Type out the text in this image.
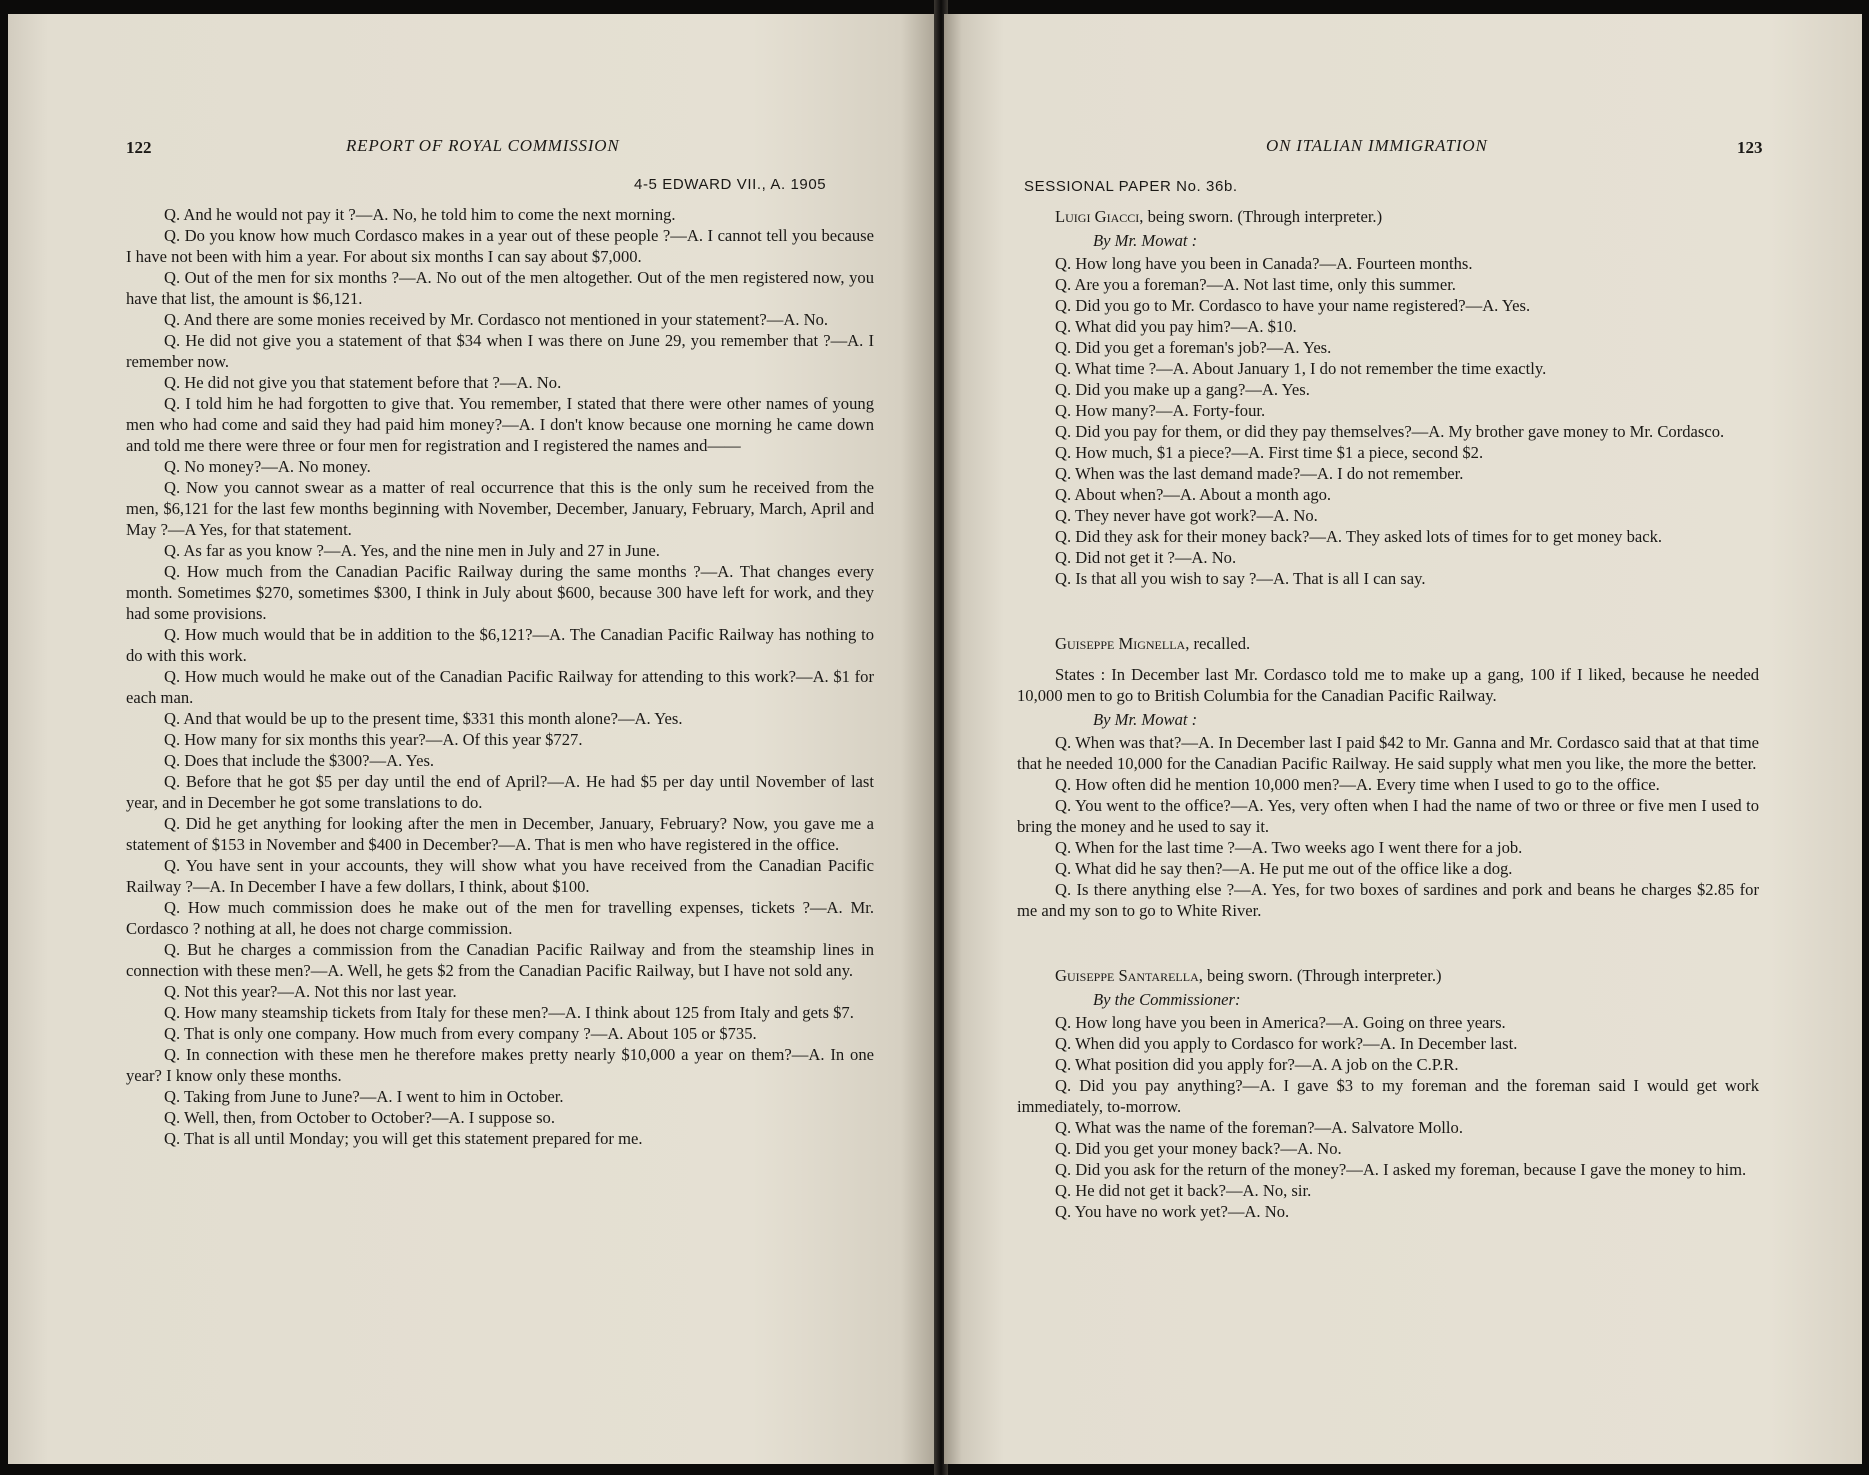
122	REPORT OF ROYAL COMMISSION
4-5 EDWARD VII., A. 1905

Q. And he would not pay it ?—A. No, he told him to come the next morning.

Q. Do you know how much Cordasco makes in a year out of these people ?—A. I cannot tell you because I have not been with him a year. For about six months I can say about $7,000.

Q. Out of the men for six months ?—A. No out of the men altogether. Out of the men registered now, you have that list, the amount is $6,121.

Q. And there are some monies received by Mr. Cordasco not mentioned in your statement?—A. No.

Q. He did not give you a statement of that $34 when I was there on June 29, you remember that ?—A. I remember now.

Q. He did not give you that statement before that ?—A. No.

Q. I told him he had forgotten to give that. You remember, I stated that there were other names of young men who had come and said they had paid him money?—A. I don't know because one morning he came down and told me there were three or four men for registration and I registered the names and——

Q. No money?—A. No money.

Q. Now you cannot swear as a matter of real occurrence that this is the only sum he received from the men, $6,121 for the last few months beginning with November, December, January, February, March, April and May ?—A Yes, for that statement.

Q. As far as you know ?—A. Yes, and the nine men in July and 27 in June.

Q. How much from the Canadian Pacific Railway during the same months ?—A. That changes every month. Sometimes $270, sometimes $300, I think in July about $600, because 300 have left for work, and they had some provisions.

Q. How much would that be in addition to the $6,121?—A. The Canadian Pacific Railway has nothing to do with this work.

Q. How much would he make out of the Canadian Pacific Railway for attending to this work?—A. $1 for each man.

Q. And that would be up to the present time, $331 this month alone?—A. Yes.

Q. How many for six months this year?—A. Of this year $727.

Q. Does that include the $300?—A. Yes.

Q. Before that he got $5 per day until the end of April?—A. He had $5 per day until November of last year, and in December he got some translations to do.

Q. Did he get anything for looking after the men in December, January, February? Now, you gave me a statement of $153 in November and $400 in December?—A. That is men who have registered in the office.

Q. You have sent in your accounts, they will show what you have received from the Canadian Pacific Railway ?—A. In December I have a few dollars, I think, about $100.

Q. How much commission does he make out of the men for travelling expenses, tickets ?—A. Mr. Cordasco ? nothing at all, he does not charge commission.

Q. But he charges a commission from the Canadian Pacific Railway and from the steamship lines in connection with these men?—A. Well, he gets $2 from the Canadian Pacific Railway, but I have not sold any.

Q. Not this year?—A. Not this nor last year.

Q. How many steamship tickets from Italy for these men?—A. I think about 125 from Italy and gets $7.

Q. That is only one company. How much from every company ?—A. About 105 or $735.

Q. In connection with these men he therefore makes pretty nearly $10,000 a year on them?—A. In one year? I know only these months.

Q. Taking from June to June?—A. I went to him in October.

Q. Well, then, from October to October?—A. I suppose so.

Q. That is all until Monday; you will get this statement prepared for me.

ON ITALIAN IMMIGRATION	123
SESSIONAL PAPER No. 36b.

Luigi Giacci, being sworn. (Through interpreter.)

By Mr. Mowat :

Q. How long have you been in Canada?—A. Fourteen months.

Q. Are you a foreman?—A. Not last time, only this summer.

Q. Did you go to Mr. Cordasco to have your name registered?—A. Yes.

Q. What did you pay him?—A. $10.

Q. Did you get a foreman's job?—A. Yes.

Q. What time ?—A. About January 1, I do not remember the time exactly.

Q. Did you make up a gang?—A. Yes.

Q. How many?—A. Forty-four.

Q. Did you pay for them, or did they pay themselves?—A. My brother gave money to Mr. Cordasco.

Q. How much, $1 a piece?—A. First time $1 a piece, second $2.

Q. When was the last demand made?—A. I do not remember.

Q. About when?—A. About a month ago.

Q. They never have got work?—A. No.

Q. Did they ask for their money back?—A. They asked lots of times for to get money back.

Q. Did not get it ?—A. No.

Q. Is that all you wish to say ?—A. That is all I can say.

Guiseppe Mignella, recalled.

States : In December last Mr. Cordasco told me to make up a gang, 100 if I liked, because he needed 10,000 men to go to British Columbia for the Canadian Pacific Railway.

By Mr. Mowat :

Q. When was that?—A. In December last I paid $42 to Mr. Ganna and Mr. Cordasco said that at that time that he needed 10,000 for the Canadian Pacific Railway. He said supply what men you like, the more the better.

Q. How often did he mention 10,000 men?—A. Every time when I used to go to the office.

Q. You went to the office?—A. Yes, very often when I had the name of two or three or five men I used to bring the money and he used to say it.

Q. When for the last time ?—A. Two weeks ago I went there for a job.

Q. What did he say then?—A. He put me out of the office like a dog.

Q. Is there anything else ?—A. Yes, for two boxes of sardines and pork and beans he charges $2.85 for me and my son to go to White River.

Guiseppe Santarella, being sworn. (Through interpreter.)

By the Commissioner:

Q. How long have you been in America?—A. Going on three years.

Q. When did you apply to Cordasco for work?—A. In December last.

Q. What position did you apply for?—A. A job on the C.P.R.

Q. Did you pay anything?—A. I gave $3 to my foreman and the foreman said I would get work immediately, to-morrow.

Q. What was the name of the foreman?—A. Salvatore Mollo.

Q. Did you get your money back?—A. No.

Q. Did you ask for the return of the money?—A. I asked my foreman, because I gave the money to him.

Q. He did not get it back?—A. No, sir.

Q. You have no work yet?—A. No.
